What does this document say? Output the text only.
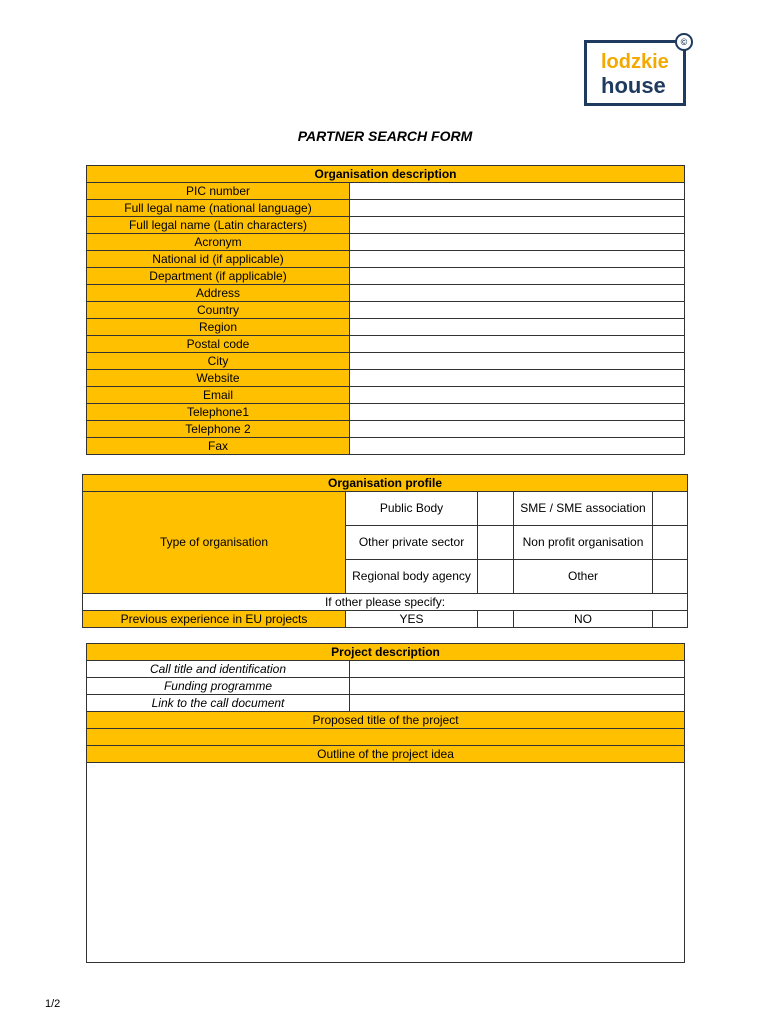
lodzkie
house
©
PARTNER SEARCH FORM
Organisation description	
PIC number	
Full legal name (national language)	
Full legal name (Latin characters)	
Acronym	
National id (if applicable)	
Department (if applicable)	
Address	
Country	
Region	
Postal code	
City	
Website	
Email	
Telephone1	
Telephone 2	
Fax	
Organisation profile				
Type of organisation	Public Body		SME / SME association	
	Other private sector		Non profit organisation	
	Regional body agency		Other	
If other please specify:				
Previous experience in EU projects	YES		NO	
Project description	
Call title and identification	
Funding programme	
Link to the call document	
Proposed title of the project	

Outline of the project idea	

1/2
